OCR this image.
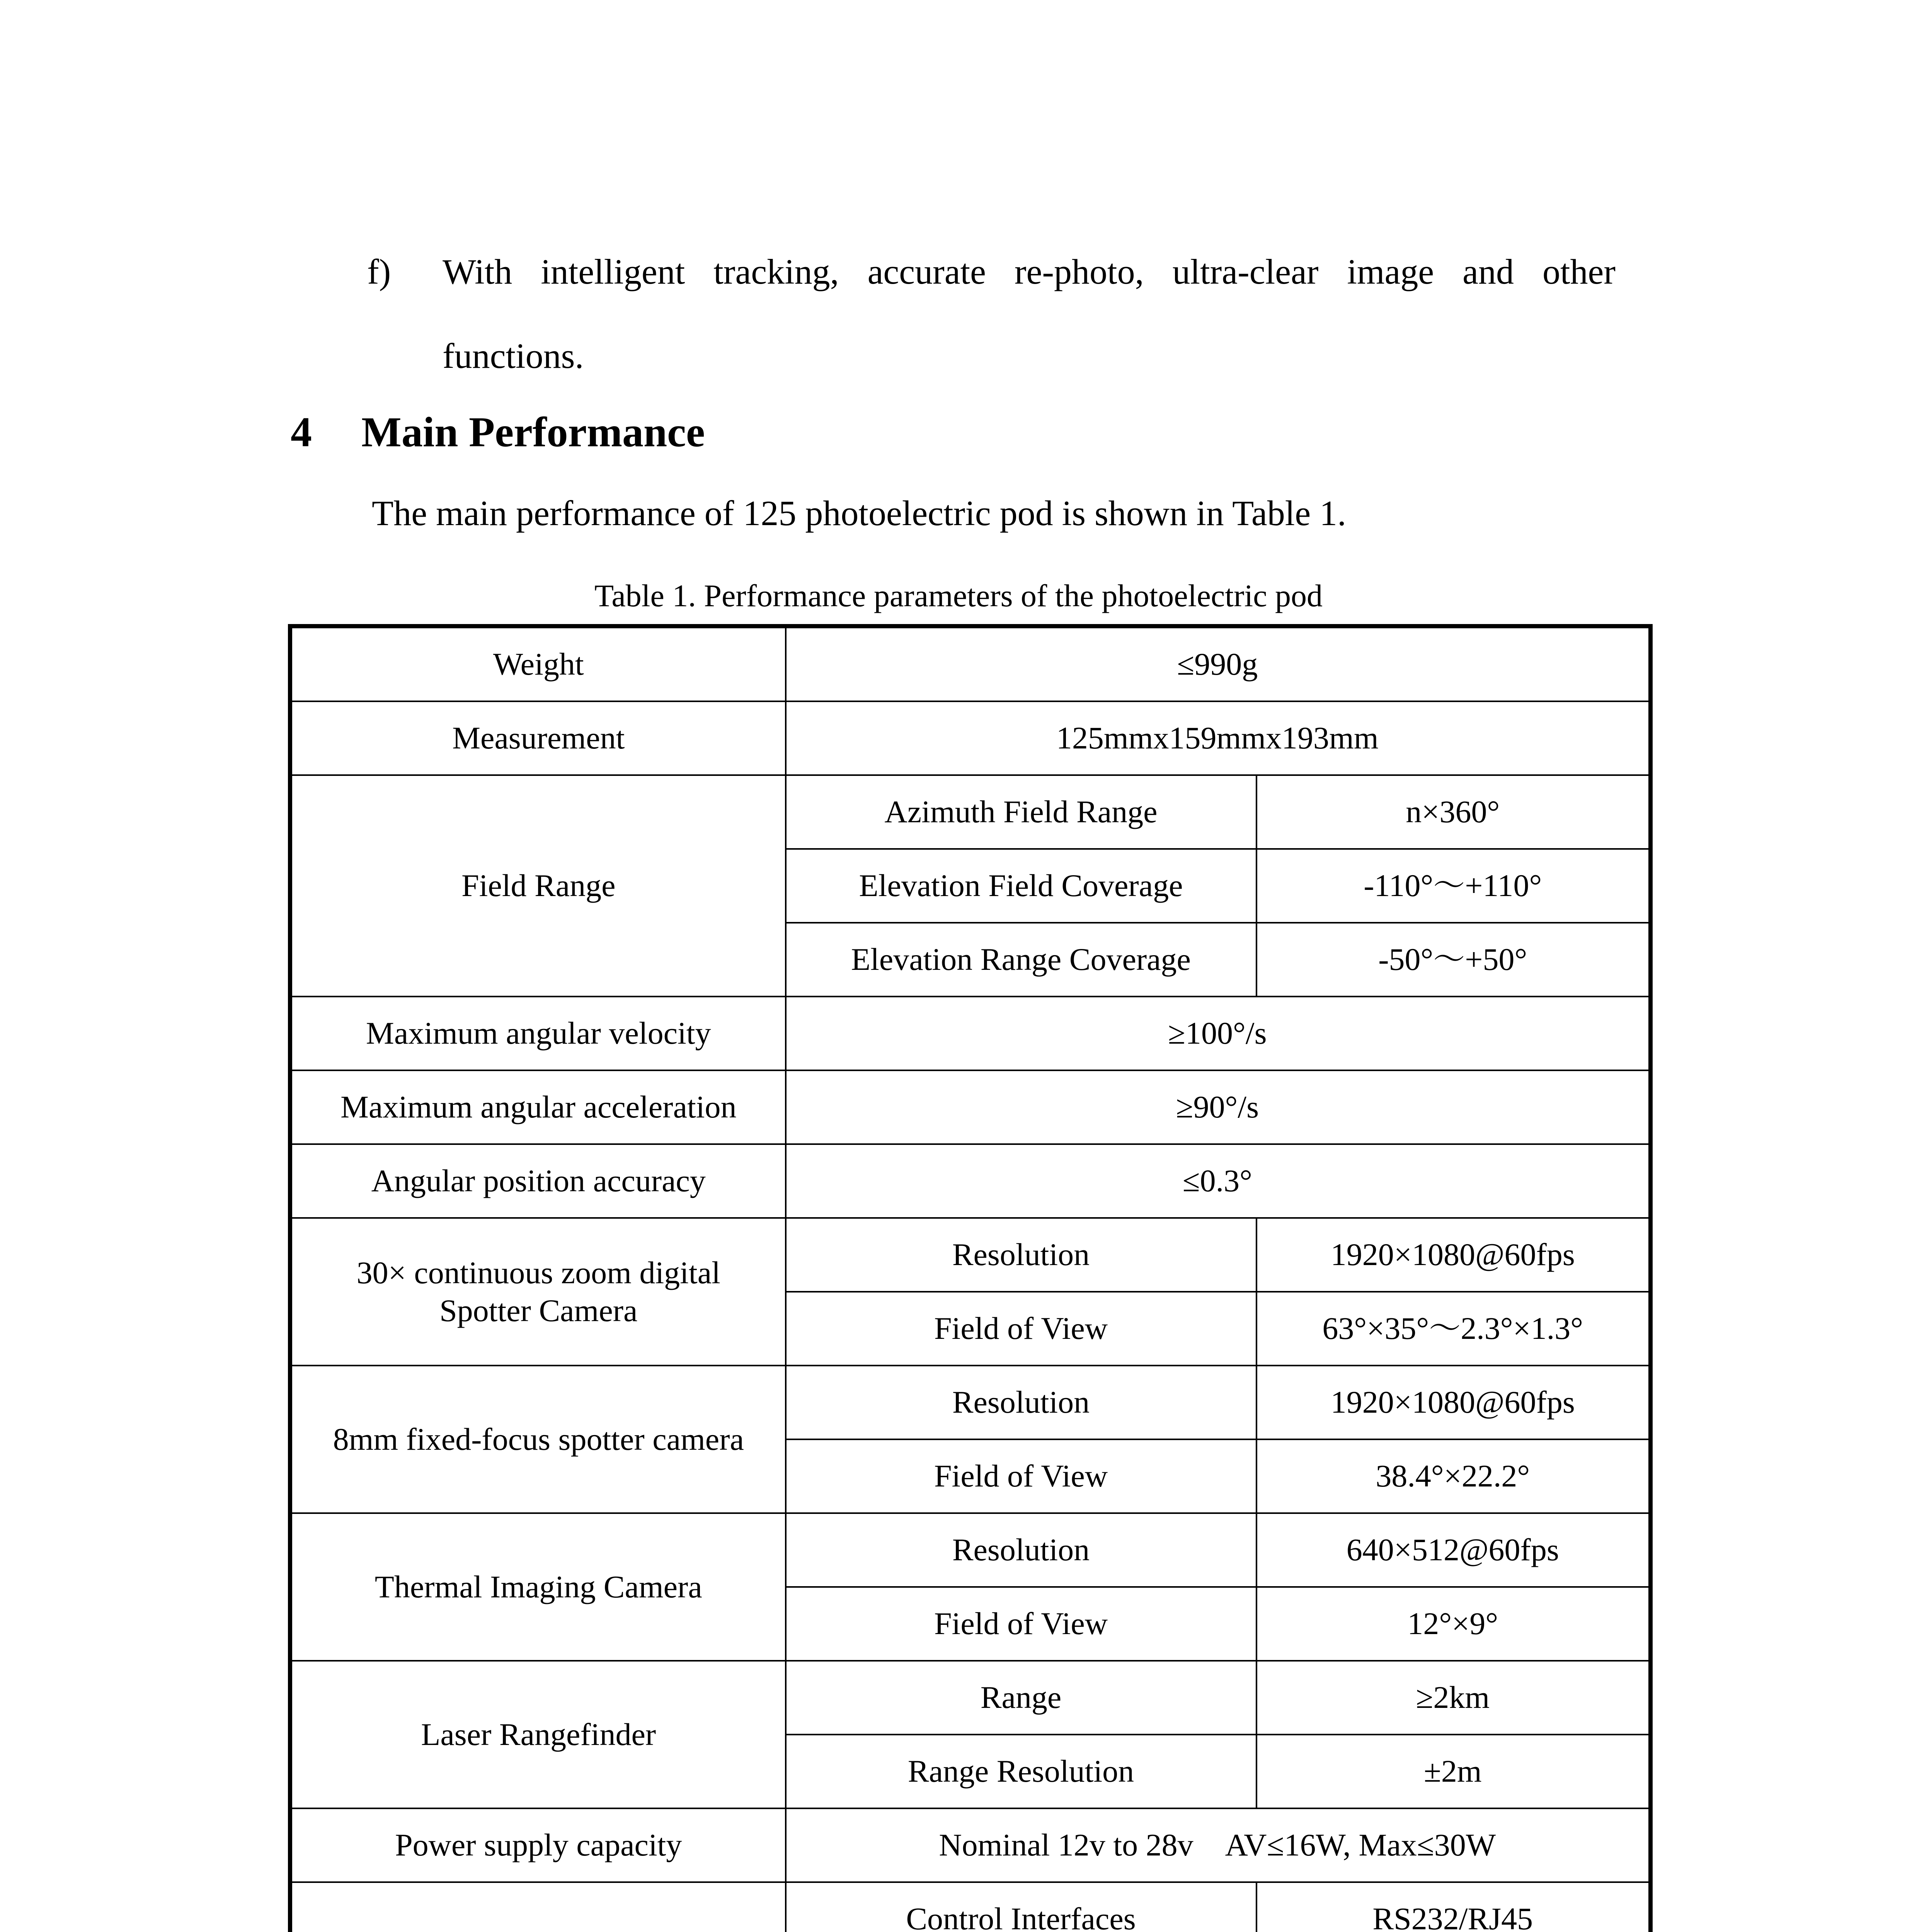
f) With intelligent tracking, accurate re-photo, ultra-clear image and other
functions.
4 Main Performance
The main performance of 125 photoelectric pod is shown in Table 1.
Table 1. Performance parameters of the photoelectric pod
Weight	≤990g	
Measurement	125mmx159mmx193mm	
Field Range	Azimuth Field Range	n×360°
	Elevation Field Coverage	-110°～+110°
	Elevation Range Coverage	-50°～+50°
Maximum angular velocity	≥100°/s	
Maximum angular acceleration	≥90°/s	
Angular position accuracy	≤0.3°	
30× continuous zoom digital
Spotter Camera	Resolution	1920×1080@60fps
	Field of View	63°×35°～2.3°×1.3°
8mm fixed-focus spotter camera	Resolution	1920×1080@60fps
	Field of View	38.4°×22.2°
Thermal Imaging Camera	Resolution	640×512@60fps
	Field of View	12°×9°
Laser Rangefinder	Range	≥2km
	Range Resolution	±2m
Power supply capacity	Nominal 12v to 28v    AV≤16W, Max≤30W	
	Control Interfaces	RS232/RJ45
